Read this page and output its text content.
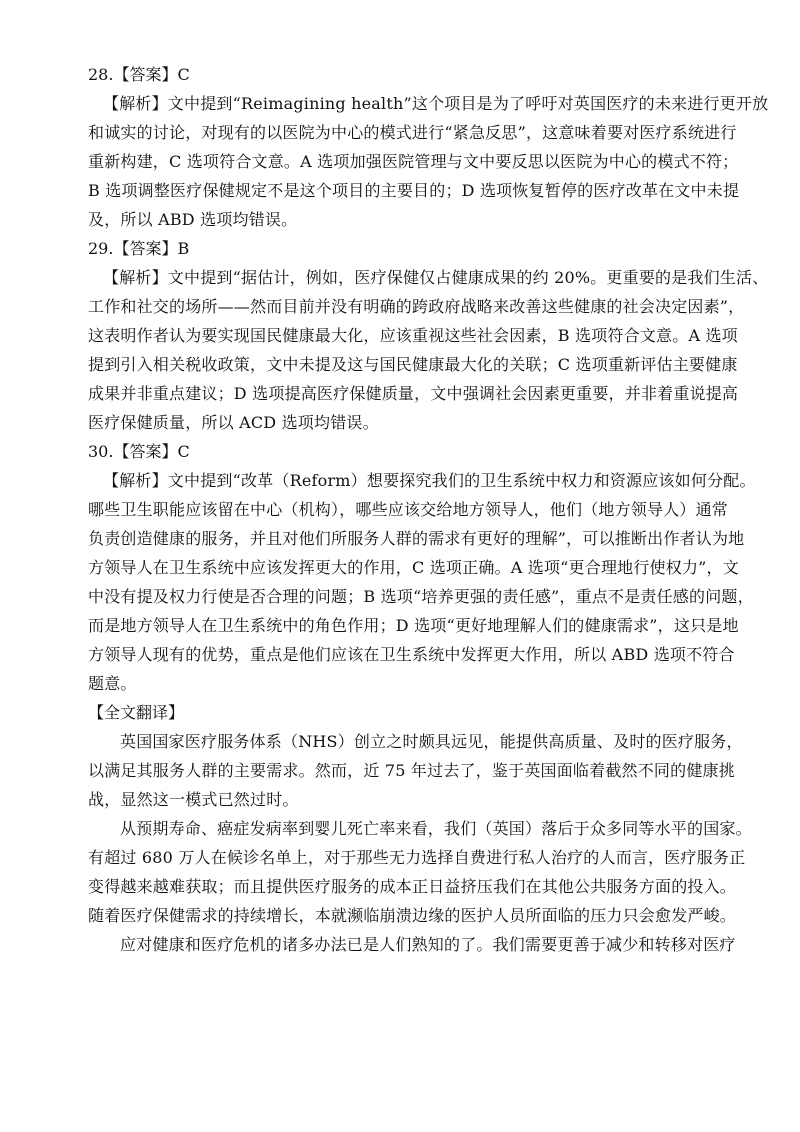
28.【答案】C
【解析】文中提到“Reimagining health”这个项目是为了呼吁对英国医疗的未来进行更开放
和诚实的讨论，对现有的以医院为中心的模式进行“紧急反思”，这意味着要对医疗系统进行
重新构建，C 选项符合文意。A 选项加强医院管理与文中要反思以医院为中心的模式不符；
B 选项调整医疗保健规定不是这个项目的主要目的；D 选项恢复暂停的医疗改革在文中未提
及，所以 ABD 选项均错误。
29.【答案】B
【解析】文中提到“据估计，例如，医疗保健仅占健康成果的约 20%。更重要的是我们生活、
工作和社交的场所——然而目前并没有明确的跨政府战略来改善这些健康的社会决定因素”，
这表明作者认为要实现国民健康最大化，应该重视这些社会因素，B 选项符合文意。A 选项
提到引入相关税收政策，文中未提及这与国民健康最大化的关联；C 选项重新评估主要健康
成果并非重点建议；D 选项提高医疗保健质量，文中强调社会因素更重要，并非着重说提高
医疗保健质量，所以 ACD 选项均错误。
30.【答案】C
【解析】文中提到“改革（Reform）想要探究我们的卫生系统中权力和资源应该如何分配。
哪些卫生职能应该留在中心（机构），哪些应该交给地方领导人，他们（地方领导人）通常
负责创造健康的服务，并且对他们所服务人群的需求有更好的理解”，可以推断出作者认为地
方领导人在卫生系统中应该发挥更大的作用，C 选项正确。A 选项“更合理地行使权力”，文
中没有提及权力行使是否合理的问题；B 选项“培养更强的责任感”，重点不是责任感的问题，
而是地方领导人在卫生系统中的角色作用；D 选项“更好地理解人们的健康需求”，这只是地
方领导人现有的优势，重点是他们应该在卫生系统中发挥更大作用，所以 ABD 选项不符合
题意。
【全文翻译】
英国国家医疗服务体系（NHS）创立之时颇具远见，能提供高质量、及时的医疗服务，
以满足其服务人群的主要需求。然而，近 75 年过去了，鉴于英国面临着截然不同的健康挑
战，显然这一模式已然过时。
从预期寿命、癌症发病率到婴儿死亡率来看，我们（英国）落后于众多同等水平的国家。
有超过 680 万人在候诊名单上，对于那些无力选择自费进行私人治疗的人而言，医疗服务正
变得越来越难获取；而且提供医疗服务的成本正日益挤压我们在其他公共服务方面的投入。
随着医疗保健需求的持续增长，本就濒临崩溃边缘的医护人员所面临的压力只会愈发严峻。
应对健康和医疗危机的诸多办法已是人们熟知的了。我们需要更善于减少和转移对医疗
